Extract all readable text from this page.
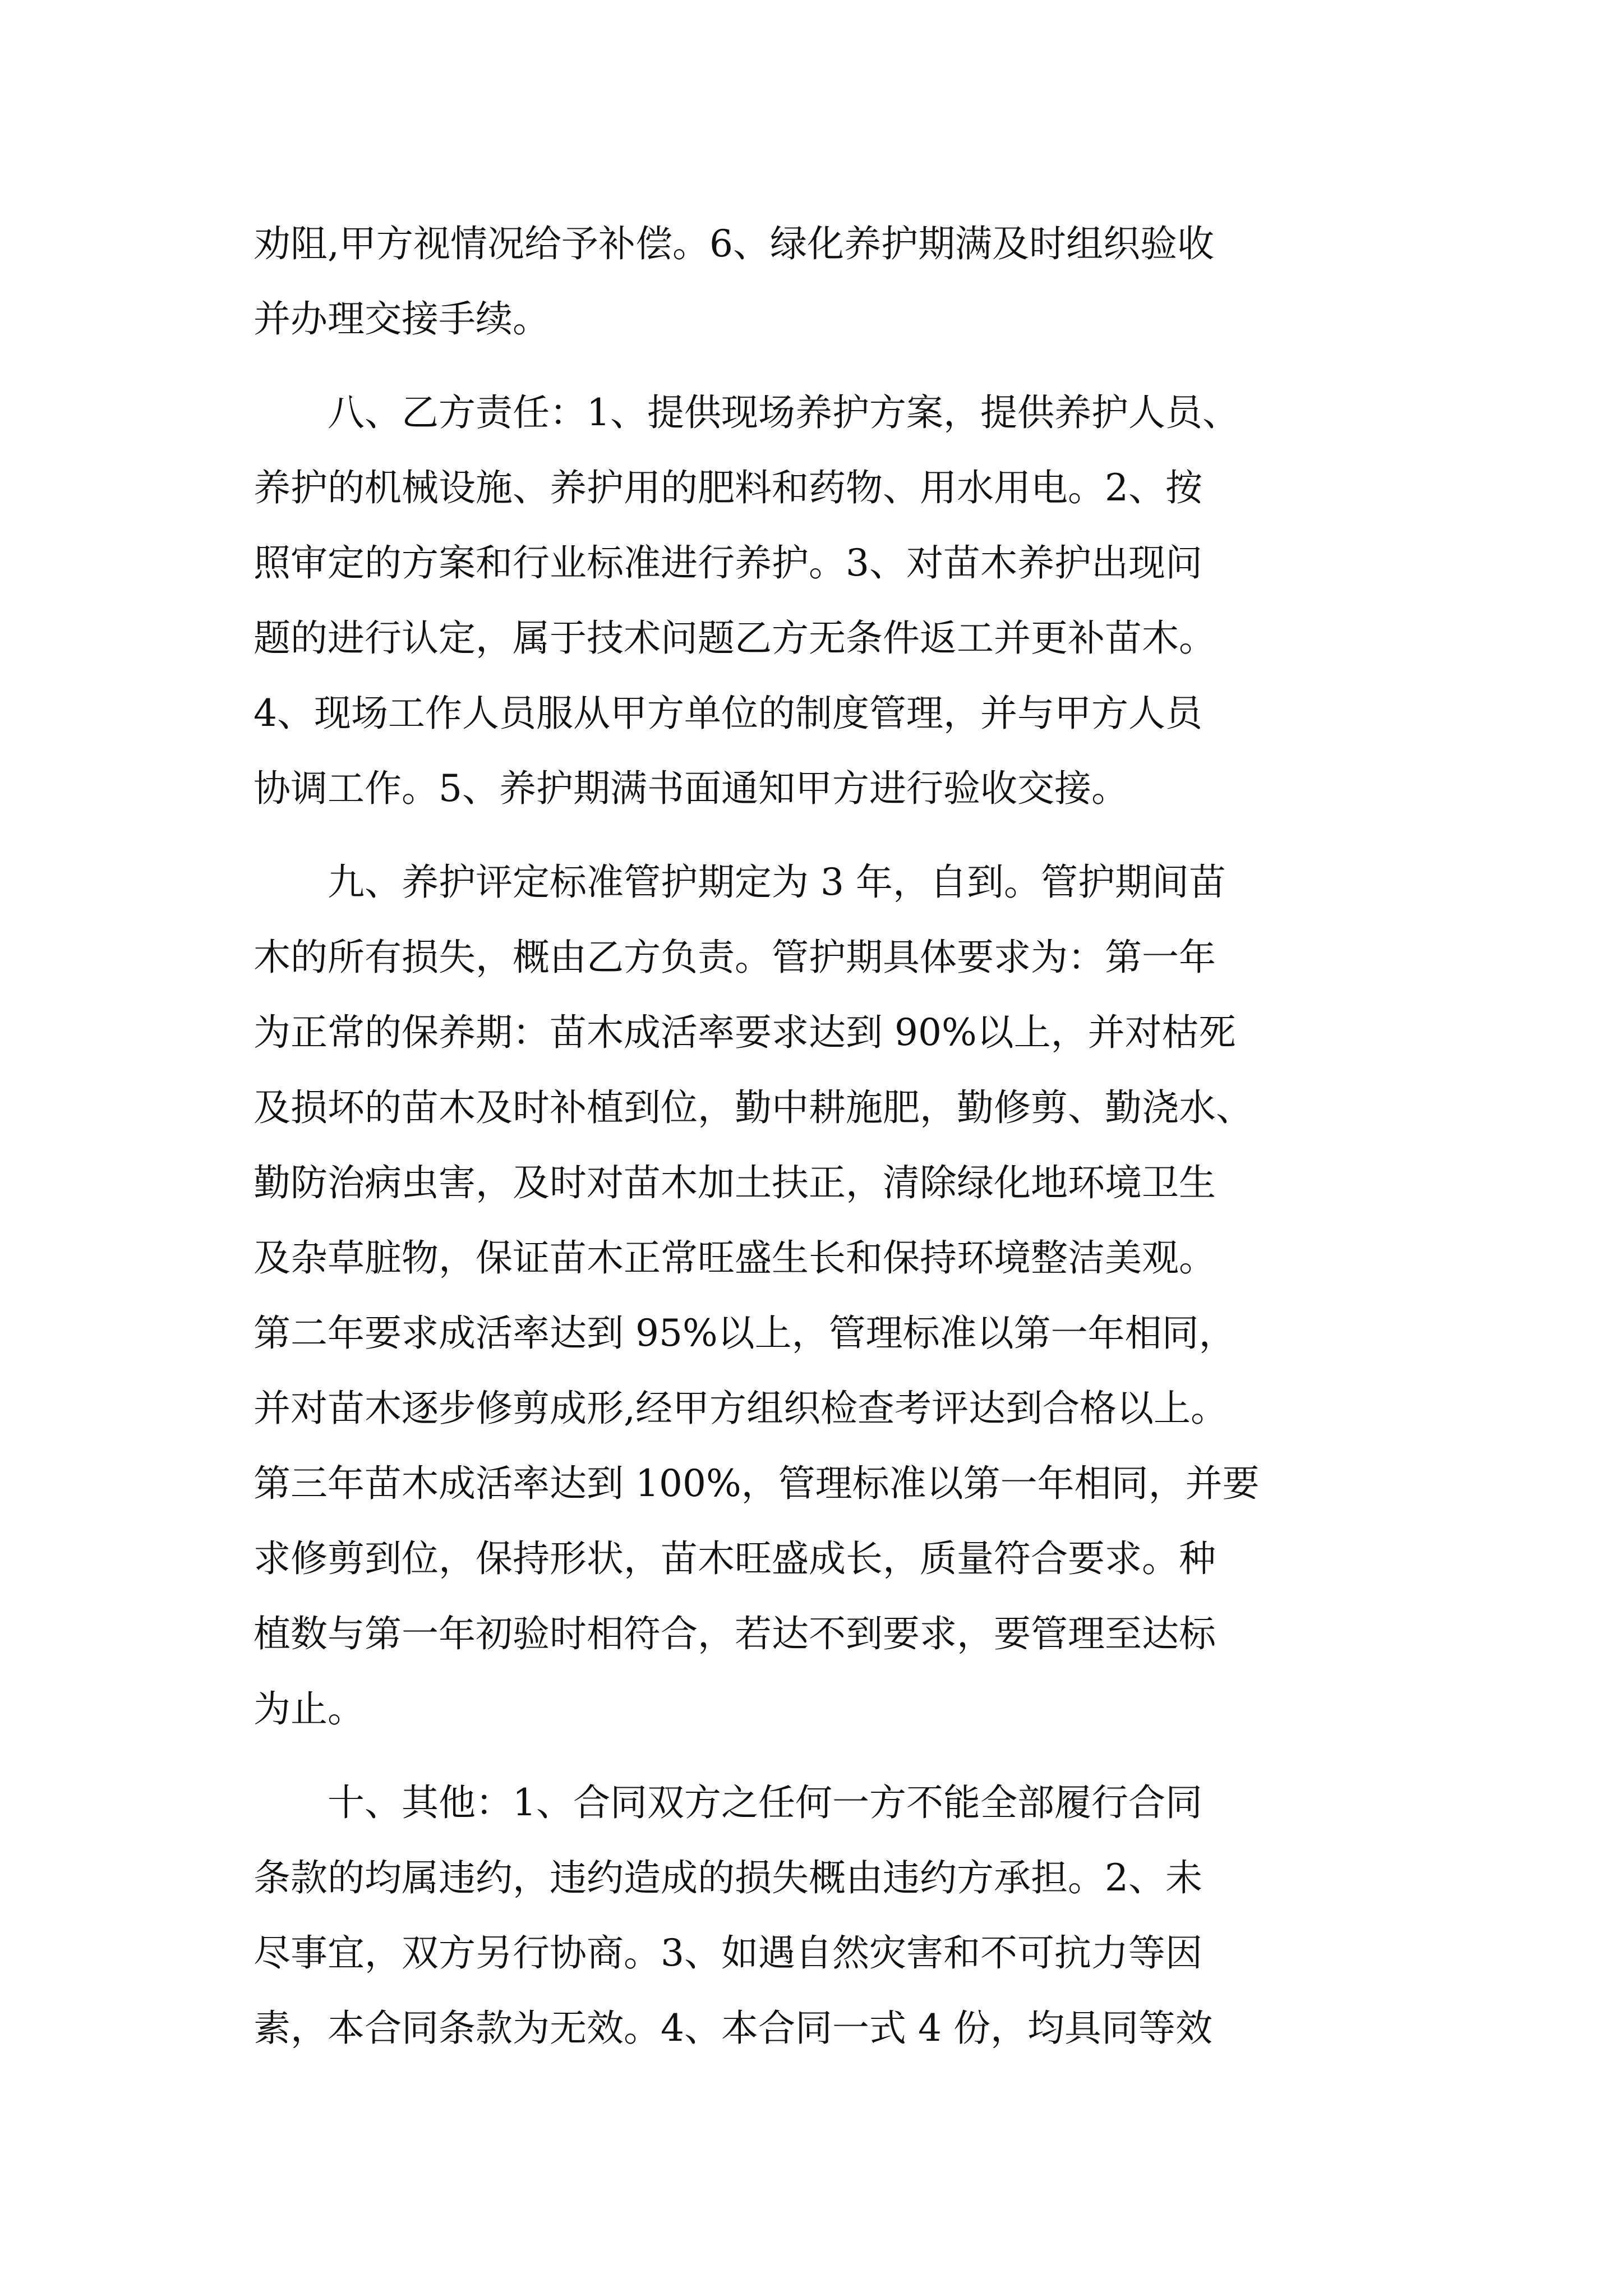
劝阻,甲方视情况给予补偿。6、绿化养护期满及时组织验收
并办理交接手续。
　　八、乙方责任：1、提供现场养护方案，提供养护人员、
养护的机械设施、养护用的肥料和药物、用水用电。2、按
照审定的方案和行业标准进行养护。3、对苗木养护出现问
题的进行认定，属于技术问题乙方无条件返工并更补苗木。
4、现场工作人员服从甲方单位的制度管理，并与甲方人员
协调工作。5、养护期满书面通知甲方进行验收交接。
　　九、养护评定标准管护期定为 3 年，自到。管护期间苗
木的所有损失，概由乙方负责。管护期具体要求为：第一年
为正常的保养期：苗木成活率要求达到 90%以上，并对枯死
及损坏的苗木及时补植到位，勤中耕施肥，勤修剪、勤浇水、
勤防治病虫害，及时对苗木加土扶正，清除绿化地环境卫生
及杂草脏物，保证苗木正常旺盛生长和保持环境整洁美观。
第二年要求成活率达到 95%以上，管理标准以第一年相同，
并对苗木逐步修剪成形,经甲方组织检查考评达到合格以上。
第三年苗木成活率达到 100%，管理标准以第一年相同，并要
求修剪到位，保持形状，苗木旺盛成长，质量符合要求。种
植数与第一年初验时相符合，若达不到要求，要管理至达标
为止。
　　十、其他：1、合同双方之任何一方不能全部履行合同
条款的均属违约，违约造成的损失概由违约方承担。2、未
尽事宜，双方另行协商。3、如遇自然灾害和不可抗力等因
素，本合同条款为无效。4、本合同一式 4 份，均具同等效
